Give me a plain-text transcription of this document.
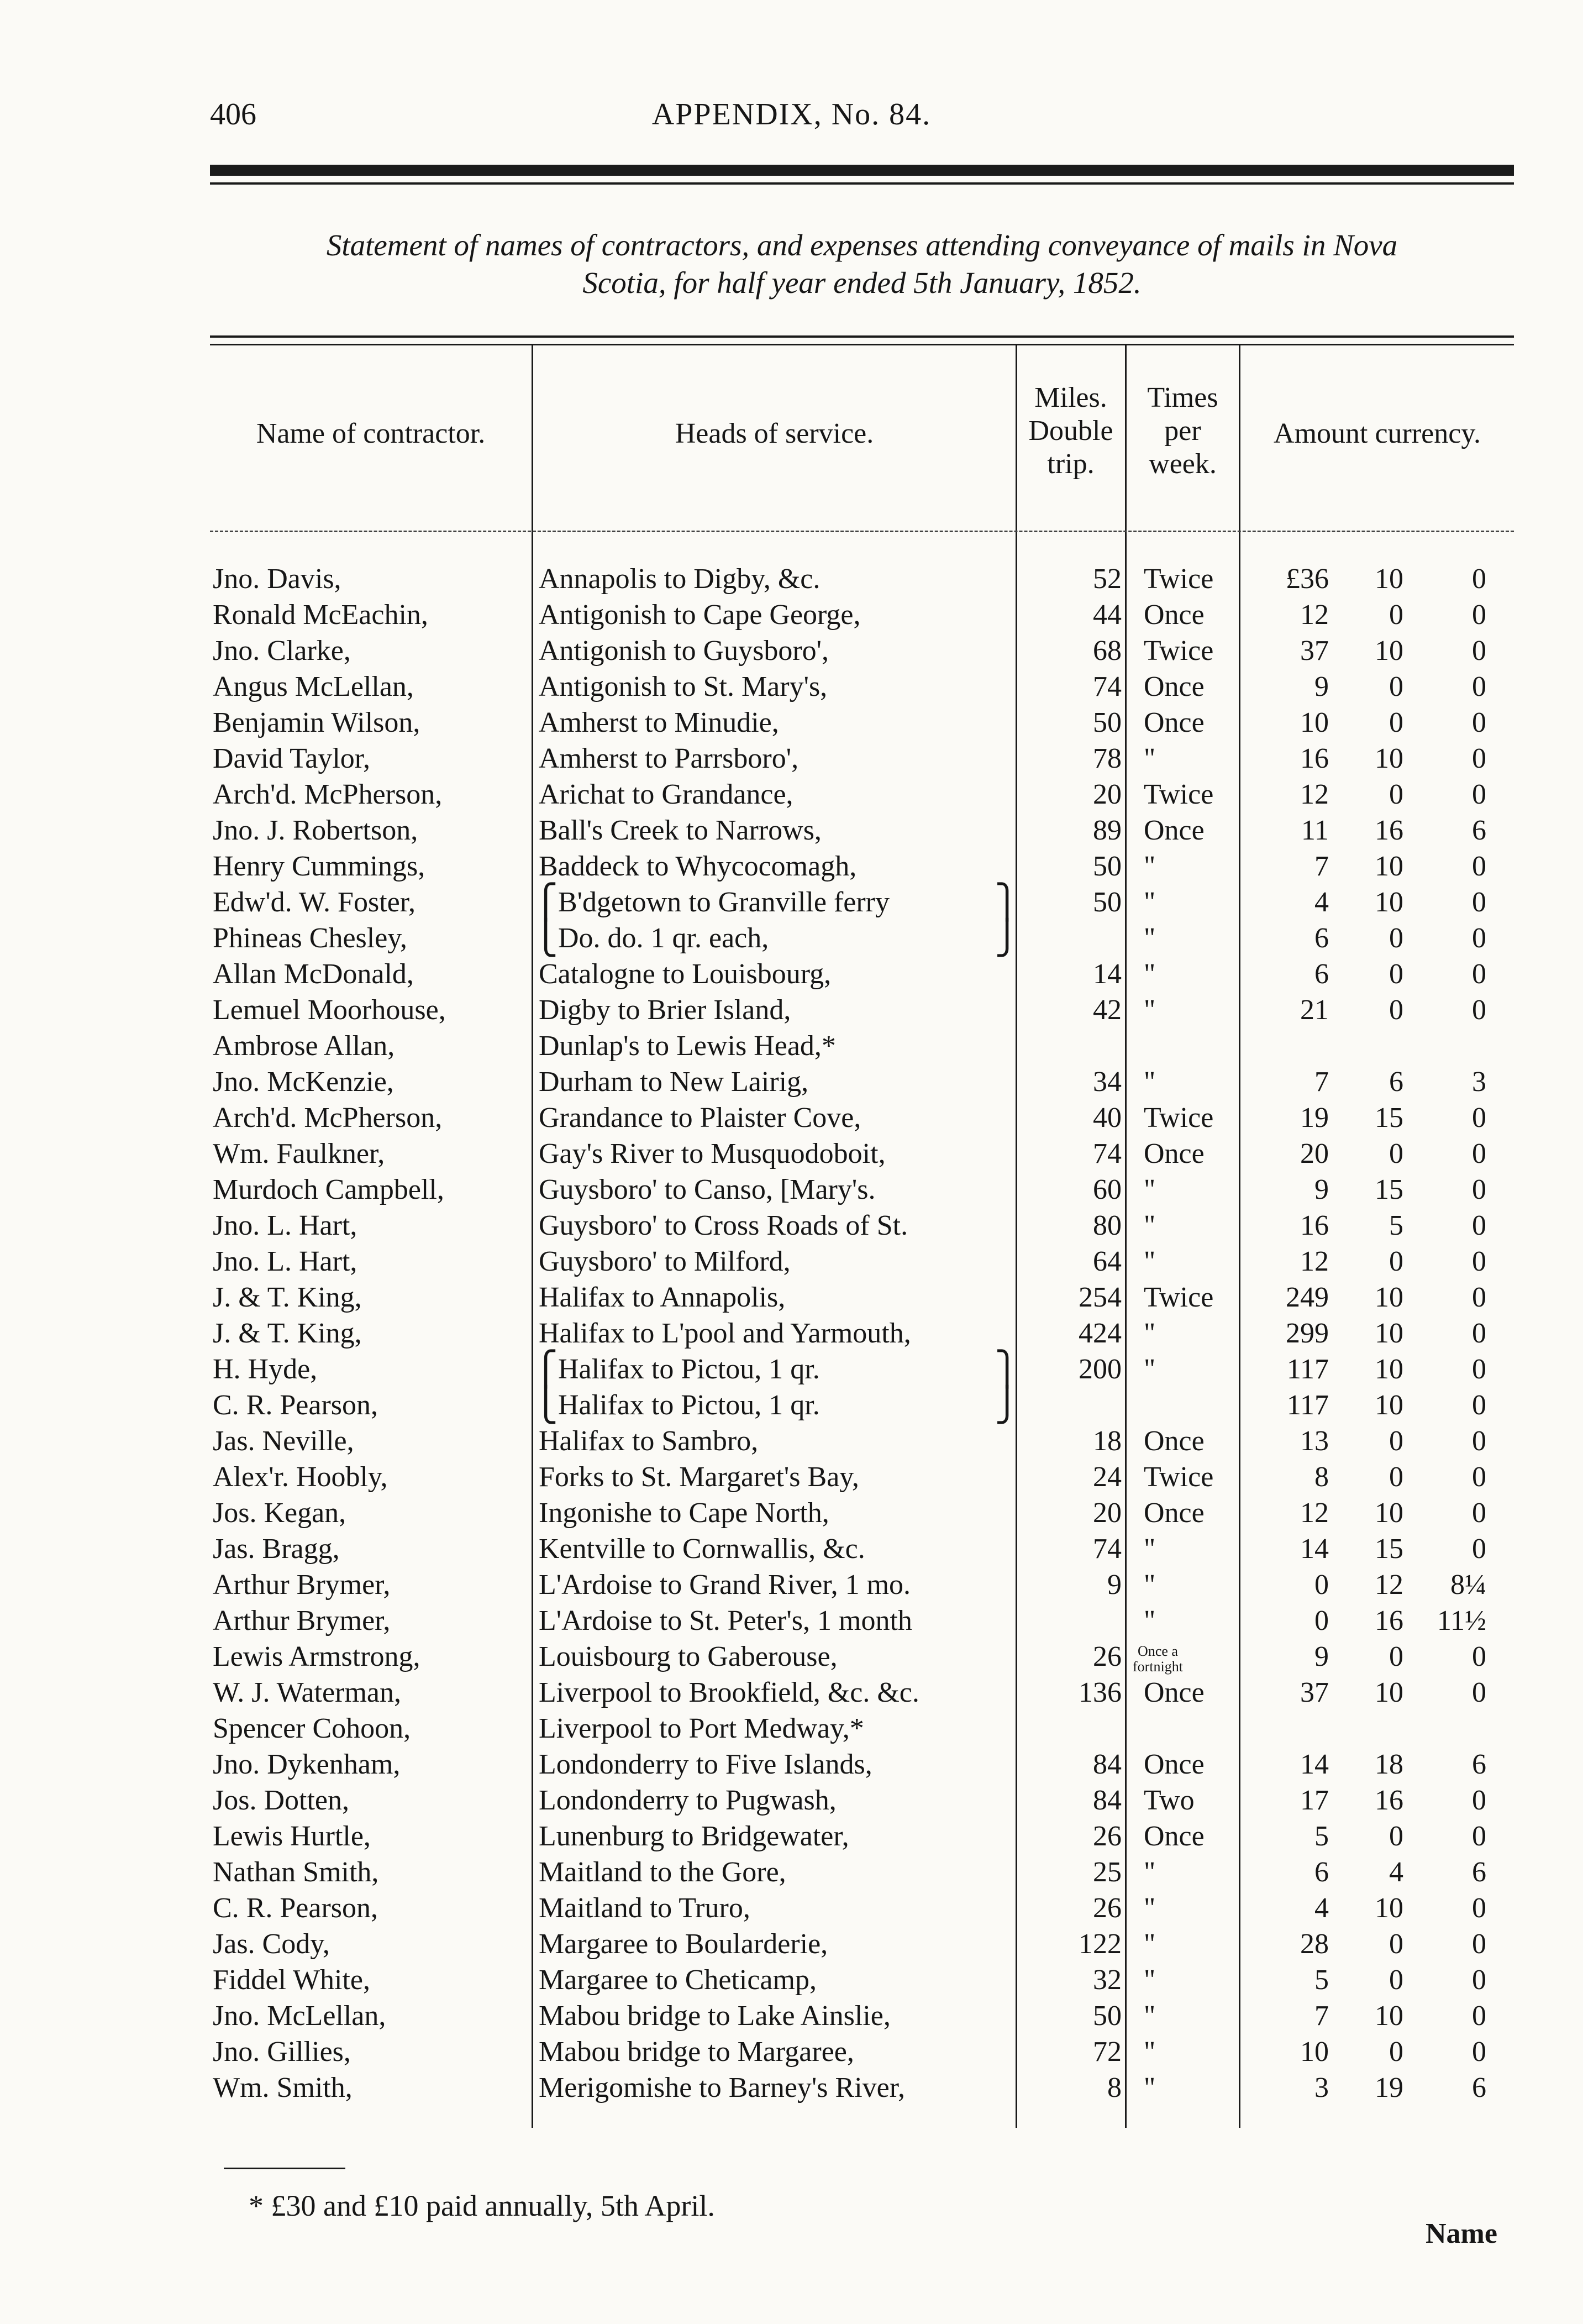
406	APPENDIX, No. 84.
Statement of names of contractors, and expenses attending conveyance of mails in Nova
Scotia, for half year ended 5th January, 1852.
Name of contractor.	Heads of service.
Miles.
Double
trip.
Times
per
week.
Amount currency.
Jno. Davis,	Annapolis to Digby, &c.	52 Twice	£36	10	0
Ronald McEachin,	Antigonish to Cape George,	44 Once	12	0	0
Jno. Clarke,	Antigonish to Guysboro',	68 Twice	37	10	0
Angus McLellan,	Antigonish to St. Mary's,	74 Once	9	0	0
Benjamin Wilson,	Amherst to Minudie,	50 Once	10	0	0
David Taylor,	Amherst to Parrsboro',	78 "	16	10	0
Arch'd. McPherson,	Arichat to Grandance,	20 Twice	12	0	0
Jno. J. Robertson,	Ball's Creek to Narrows,	89 Once	11	16	6
Henry Cummings,	Baddeck to Whycocomagh,	50 "	7	10	0
Edw'd. W. Foster,	B'dgetown to Granville ferry	50 "	4	10	0
⎧	⎫
Phineas Chesley,	Do. do. 1 qr. each,	"	6	0	0
⎩	⎭
Allan McDonald,	Catalogne to Louisbourg,	14 "	6	0	0
Lemuel Moorhouse,	Digby to Brier Island,	42 "	21	0	0
Ambrose Allan,	Dunlap's to Lewis Head,*
Jno. McKenzie,	Durham to New Lairig,	34 "	7	6	3
Arch'd. McPherson,	Grandance to Plaister Cove,	40 Twice	19	15	0
Wm. Faulkner,	Gay's River to Musquodoboit,	74 Once	20	0	0
Murdoch Campbell,	Guysboro' to Canso, [Mary's.	60 "	9	15	0
Jno. L. Hart,	Guysboro' to Cross Roads of St.	80 "	16	5	0
Jno. L. Hart,	Guysboro' to Milford,	64 "	12	0	0
J. & T. King,	Halifax to Annapolis,	254 Twice	249	10	0
J. & T. King,	Halifax to L'pool and Yarmouth,	424 "	299	10	0
H. Hyde,	Halifax to Pictou, 1 qr.	200 "	117	10	0
⎧	⎫
C. R. Pearson,	Halifax to Pictou, 1 qr.	117	10	0
⎩	⎭
Jas. Neville,	Halifax to Sambro,	18 Once	13	0	0
Alex'r. Hoobly,	Forks to St. Margaret's Bay,	24 Twice	8	0	0
Jos. Kegan,	Ingonishe to Cape North,	20 Once	12	10	0
Jas. Bragg,	Kentville to Cornwallis, &c.	74 "	14	15	0
Arthur Brymer,	L'Ardoise to Grand River, 1 mo.	9 "	0	12	8¼
Arthur Brymer,	L'Ardoise to St. Peter's, 1 month	"	0	16	11½
Lewis Armstrong,	Louisbourg to Gaberouse,	26	9	0	0
Once a
fortnight
W. J. Waterman,	Liverpool to Brookfield, &c. &c.	136 Once	37	10	0
Spencer Cohoon,	Liverpool to Port Medway,*
Jno. Dykenham,	Londonderry to Five Islands,	84 Once	14	18	6
Jos. Dotten,	Londonderry to Pugwash,	84 Two	17	16	0
Lewis Hurtle,	Lunenburg to Bridgewater,	26 Once	5	0	0
Nathan Smith,	Maitland to the Gore,	25 "	6	4	6
C. R. Pearson,	Maitland to Truro,	26 "	4	10	0
Jas. Cody,	Margaree to Boularderie,	122 "	28	0	0
Fiddel White,	Margaree to Cheticamp,	32 "	5	0	0
Jno. McLellan,	Mabou bridge to Lake Ainslie,	50 "	7	10	0
Jno. Gillies,	Mabou bridge to Margaree,	72 "	10	0	0
Wm. Smith,	Merigomishe to Barney's River,	8 "	3	19	6
* £30 and £10 paid annually, 5th April.
Name
